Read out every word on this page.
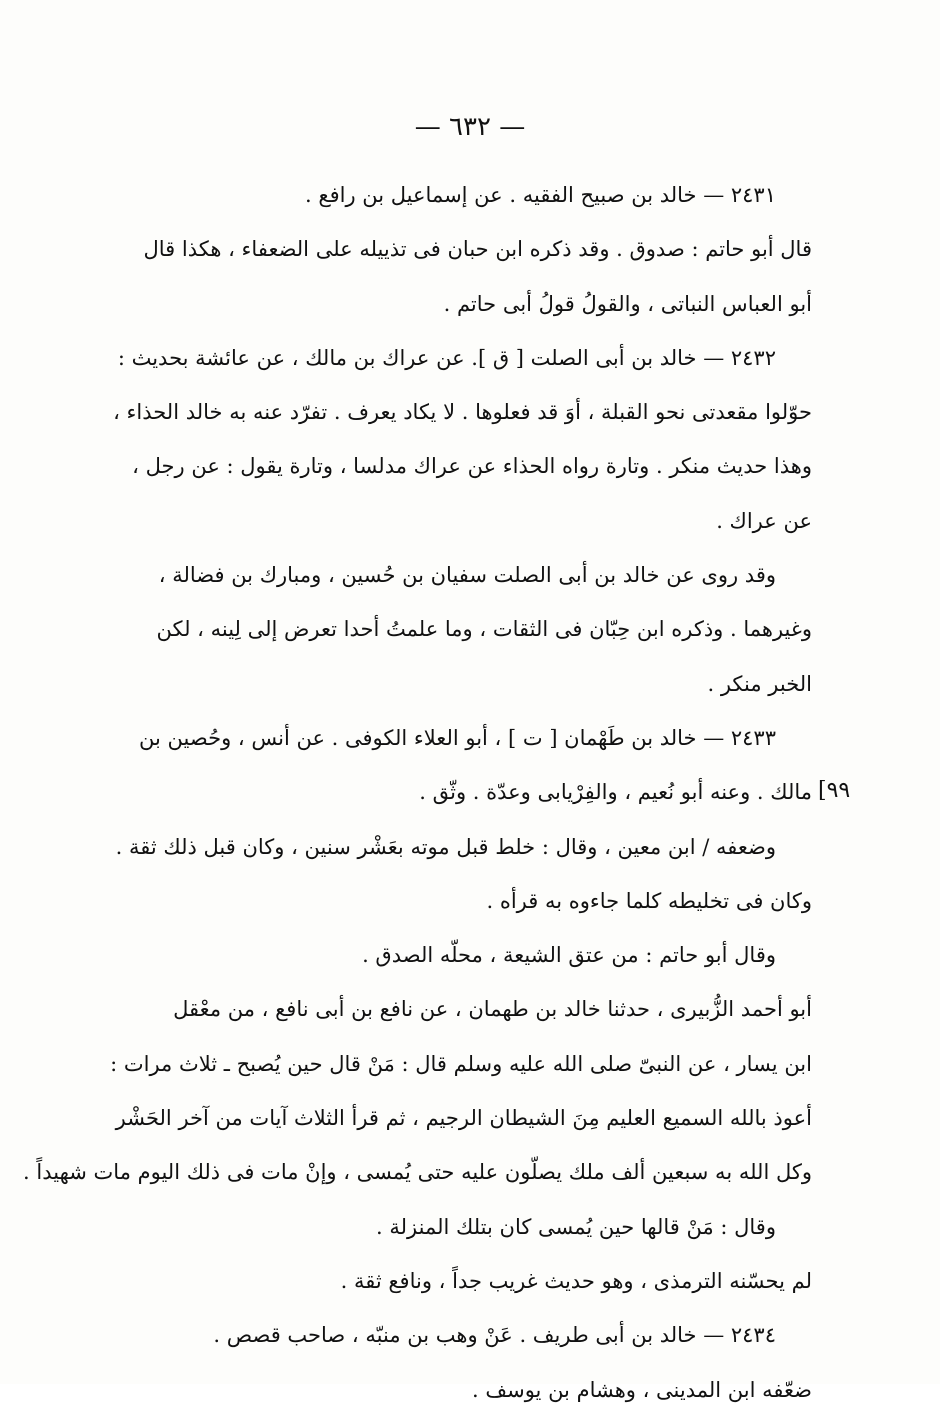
— ٦٣٢ —
[٩٩
٢٤٣١ — خالد بن صبيح الفقيه . عن إسماعيل بن رافع .
قال أبو حاتم : صدوق . وقد ذكره ابن حبان فى تذييله على الضعفاء ، هكذا قال
أبو العباس النباتى ، والقولُ قولُ أبى حاتم .
٢٤٣٢ — خالد بن أبى الصلت [ ق ]. عن عراك بن مالك ، عن عائشة بحديث :
حوّلوا مقعدتى نحو القبلة ، أوَ قد فعلوها . لا يكاد يعرف . تفرّد عنه به خالد الحذاء ،
وهذا حديث منكر . وتارة رواه الحذاء عن عراك مدلسا ، وتارة يقول : عن رجل ،
عن عراك .
وقد روى عن خالد بن أبى الصلت سفيان بن حُسين ، ومبارك بن فضالة ،
وغيرهما . وذكره ابن حِبّان فى الثقات ، وما علمتُ أحدا تعرض إلى لِينه ، لكن
الخبر منكر .
٢٤٣٣ — خالد بن طَهْمان [ ت ] ، أبو العلاء الكوفى . عن أنس ، وحُصين بن
مالك . وعنه أبو نُعيم ، والفِرْيابى وعدّة . وثّق .
وضعفه / ابن معين ، وقال : خلط قبل موته بعَشْر سنين ، وكان قبل ذلك ثقة .
وكان فى تخليطه كلما جاءوه به قرأه .
وقال أبو حاتم : من عتق الشيعة ، محلّه الصدق .
أبو أحمد الزُّبيرى ، حدثنا خالد بن طهمان ، عن نافع بن أبى نافع ، من معْقل
ابن يسار ، عن النبىّ صلى الله عليه وسلم قال : مَنْ قال حين يُصبح ـ ثلاث مرات :
أعوذ بالله السميع العليم مِنَ الشيطان الرجيم ، ثم قرأ الثلاث آيات من آخر الحَشْر
وكل الله به سبعين ألف ملك يصلّون عليه حتى يُمسى ، وإنْ مات فى ذلك اليوم مات شهيداً .
وقال : مَنْ قالها حين يُمسى كان بتلك المنزلة .
لم يحسّنه الترمذى ، وهو حديث غريب جداً ، ونافع ثقة .
٢٤٣٤ — خالد بن أبى طريف . عَنْ وهب بن منبّه ، صاحب قصص .
ضعّفه ابن المدينى ، وهشام بن يوسف .
